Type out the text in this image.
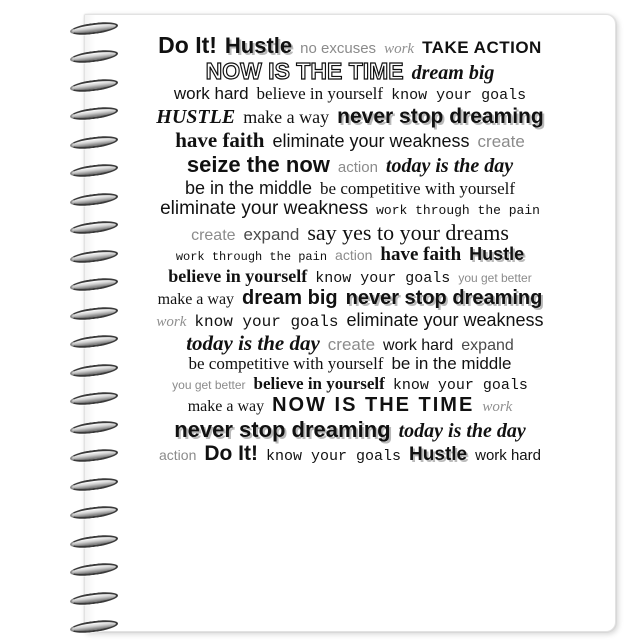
Do It! Hustle no excuses work TAKE ACTION
NOW IS THE TIME dream big
work hard believe in yourself know your goals
HUSTLE make a way never stop dreaming
have faith eliminate your weakness create
seize the now action today is the day
be in the middle be competitive with yourself
eliminate your weakness work through the pain
create expand say yes to your dreams
work through the pain action have faith Hustle
believe in yourself know your goals you get better
make a way dream big never stop dreaming
work know your goals eliminate your weakness
today is the day create work hard expand
be competitive with yourself be in the middle
you get better believe in yourself know your goals
make a way NOW IS THE TIME work
never stop dreaming today is the day
action Do It! know your goals Hustle work hard
